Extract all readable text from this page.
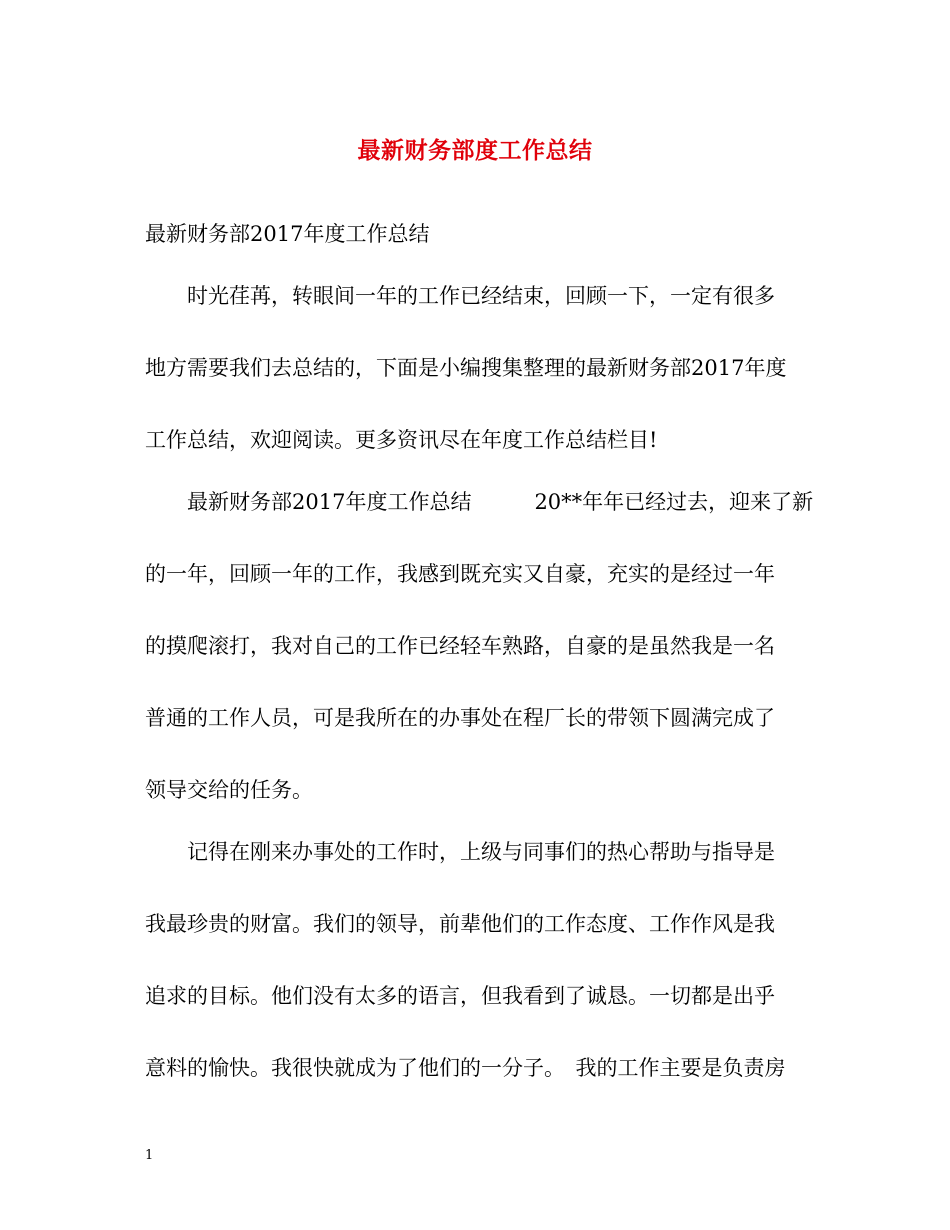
最新财务部度工作总结
最新财务部2017年度工作总结
　　时光荏苒，转眼间一年的工作已经结束，回顾一下，一定有很多
地方需要我们去总结的，下面是小编搜集整理的最新财务部2017年度
工作总结，欢迎阅读。更多资讯尽在年度工作总结栏目!
　　最新财务部2017年度工作总结　　　20**年年已经过去，迎来了新
的一年，回顾一年的工作，我感到既充实又自豪，充实的是经过一年
的摸爬滚打，我对自己的工作已经轻车熟路，自豪的是虽然我是一名
普通的工作人员，可是我所在的办事处在程厂长的带领下圆满完成了
领导交给的任务。
　　记得在刚来办事处的工作时，上级与同事们的热心帮助与指导是
我最珍贵的财富。我们的领导，前辈他们的工作态度、工作作风是我
追求的目标。他们没有太多的语言，但我看到了诚恳。一切都是出乎
意料的愉快。我很快就成为了他们的一分子。　我的工作主要是负责房
1
